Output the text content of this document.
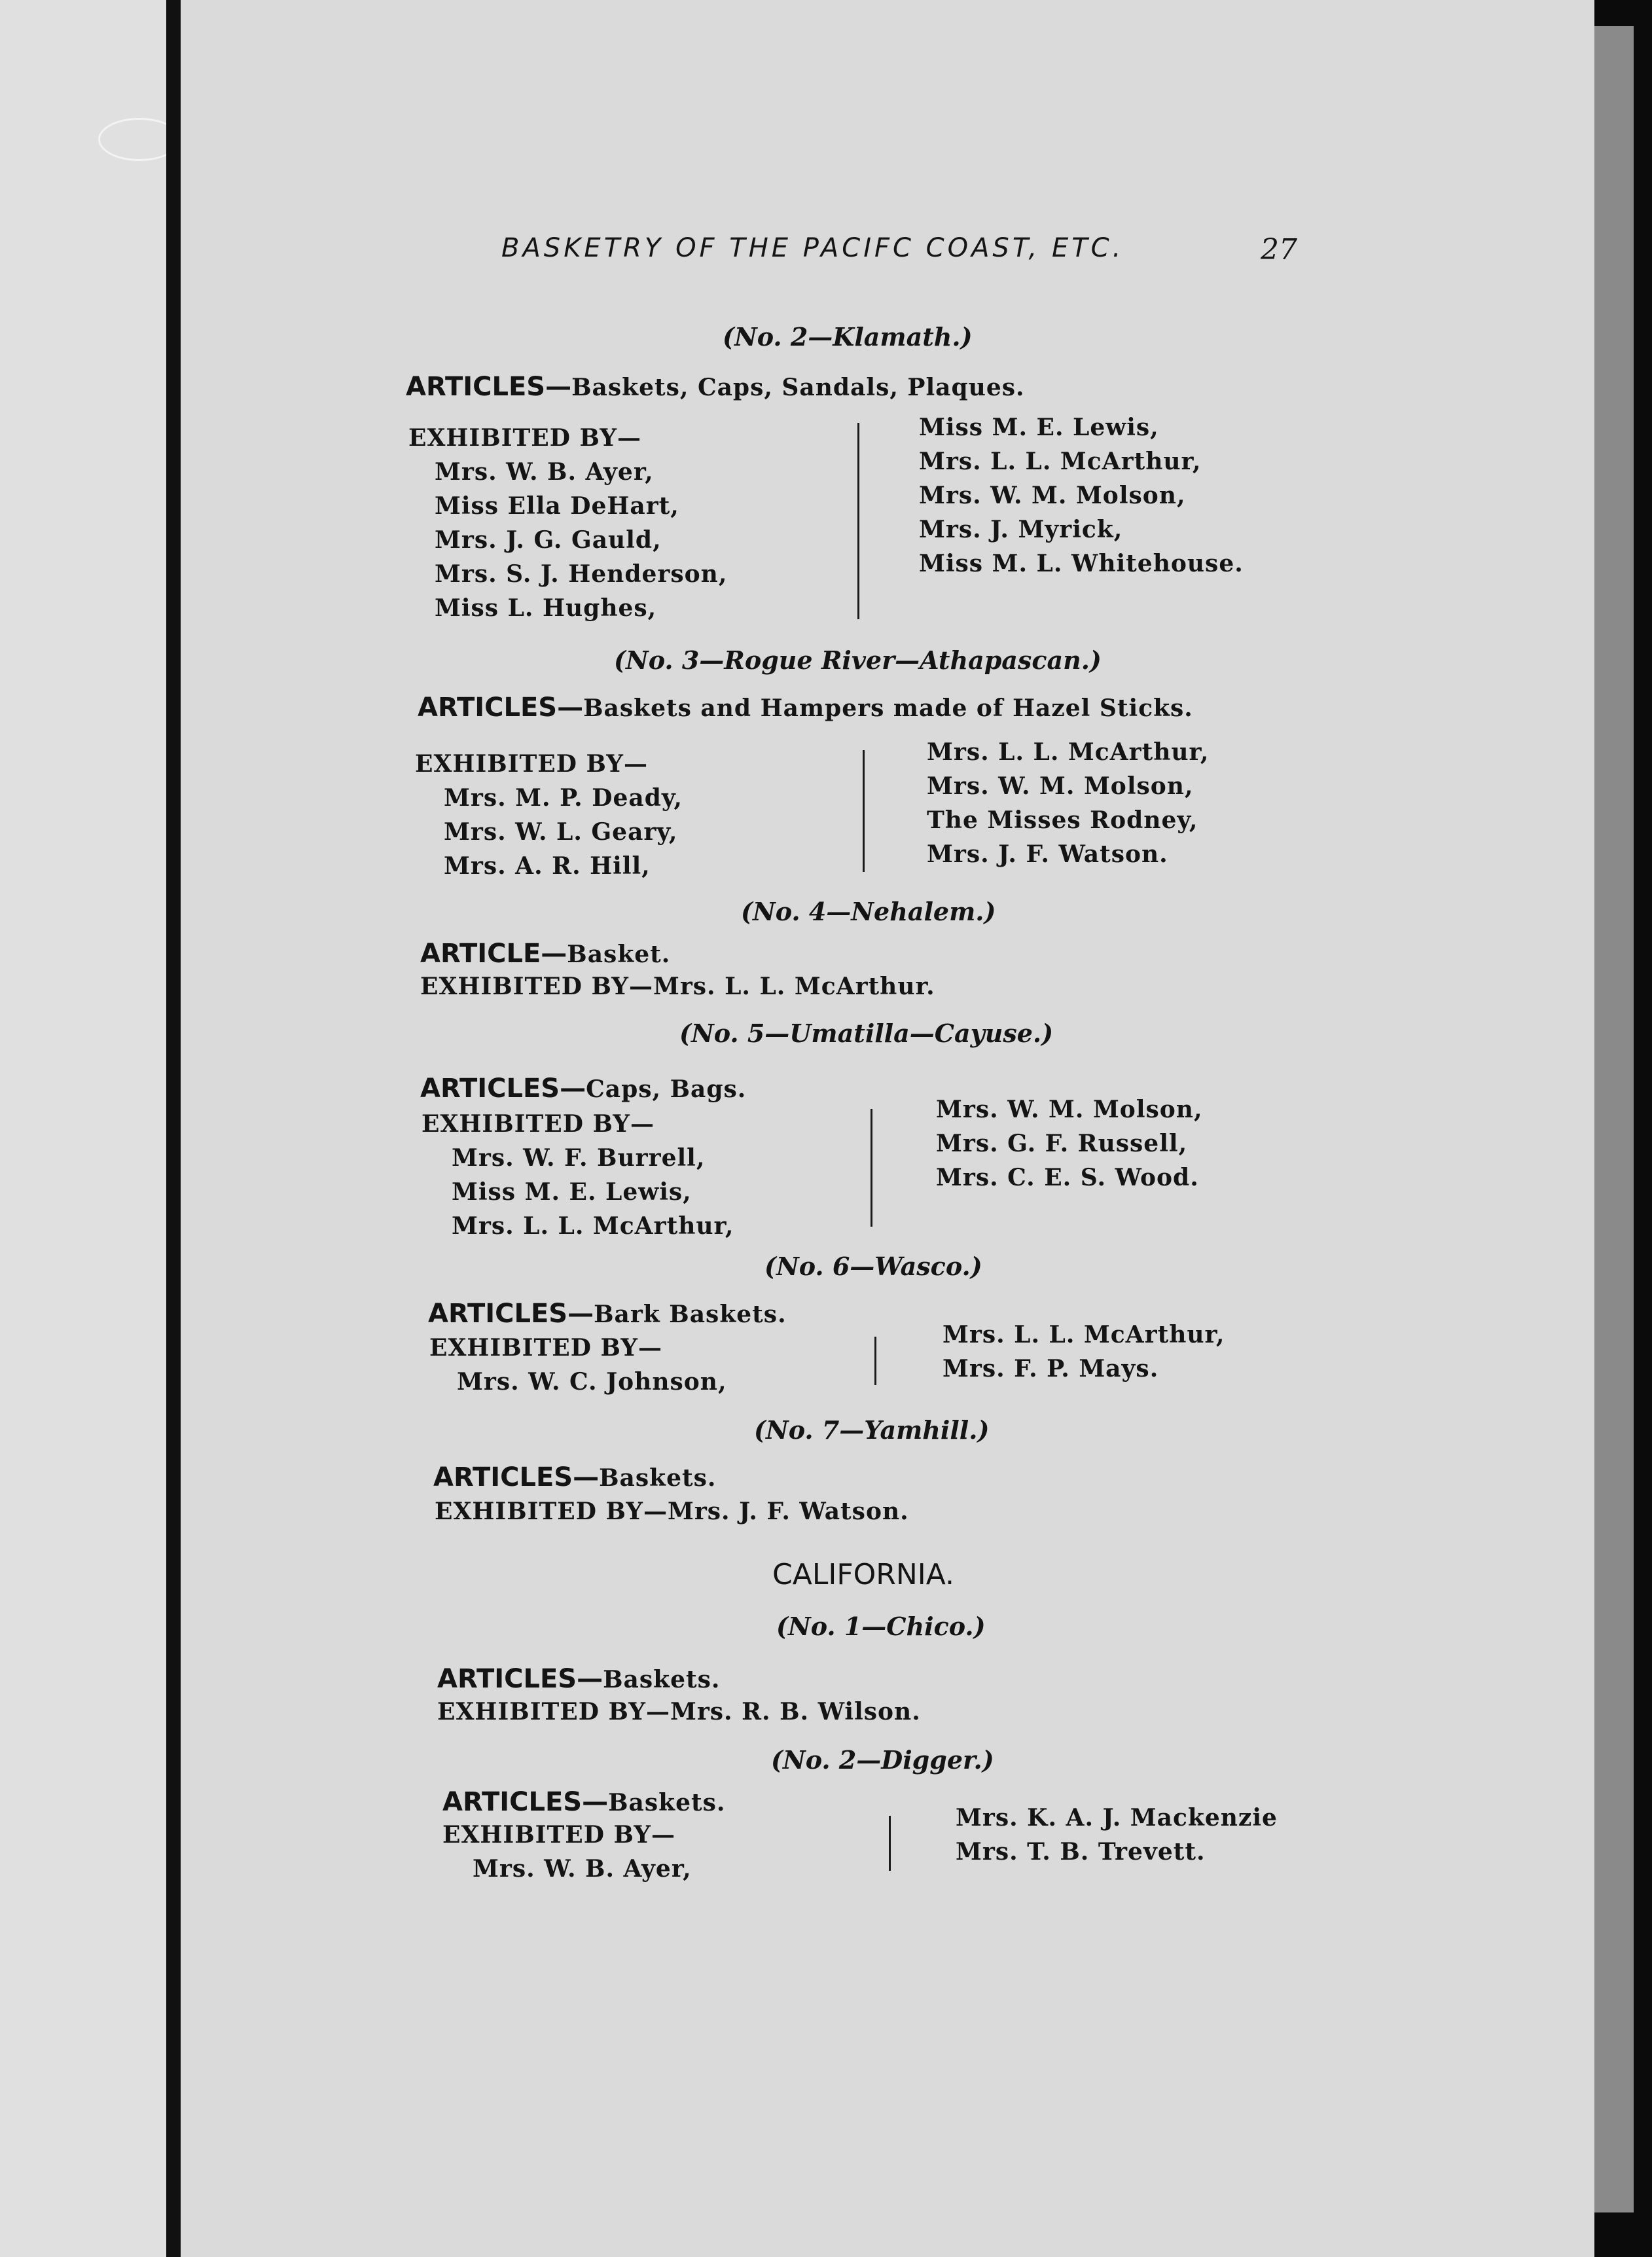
BASKETRY OF THE PACIFC COAST, ETC.	27
(No. 2—Klamath.)
ARTICLES—Baskets, Caps, Sandals, Plaques.
EXHIBITED BY—
Mrs. W. B. Ayer,
Miss Ella DeHart,
Mrs. J. G. Gauld,
Mrs. S. J. Henderson,
Miss L. Hughes,
Miss M. E. Lewis,
Mrs. L. L. McArthur,
Mrs. W. M. Molson,
Mrs. J. Myrick,
Miss M. L. Whitehouse.
(No. 3—Rogue River—Athapascan.)
ARTICLES—Baskets and Hampers made of Hazel Sticks.
EXHIBITED BY—
Mrs. M. P. Deady,
Mrs. W. L. Geary,
Mrs. A. R. Hill,
Mrs. L. L. McArthur,
Mrs. W. M. Molson,
The Misses Rodney,
Mrs. J. F. Watson.
(No. 4—Nehalem.)
ARTICLE—Basket.
EXHIBITED BY—Mrs. L. L. McArthur.
(No. 5—Umatilla—Cayuse.)
ARTICLES—Caps, Bags.
EXHIBITED BY—
Mrs. W. F. Burrell,
Miss M. E. Lewis,
Mrs. L. L. McArthur,
Mrs. W. M. Molson,
Mrs. G. F. Russell,
Mrs. C. E. S. Wood.
(No. 6—Wasco.)
ARTICLES—Bark Baskets.
EXHIBITED BY—
Mrs. W. C. Johnson,
Mrs. L. L. McArthur,
Mrs. F. P. Mays.
(No. 7—Yamhill.)
ARTICLES—Baskets.
EXHIBITED BY—Mrs. J. F. Watson.
CALIFORNIA.
(No. 1—Chico.)
ARTICLES—Baskets.
EXHIBITED BY—Mrs. R. B. Wilson.
(No. 2—Digger.)
ARTICLES—Baskets.
EXHIBITED BY—
Mrs. W. B. Ayer,
Mrs. K. A. J. Mackenzie
Mrs. T. B. Trevett.
